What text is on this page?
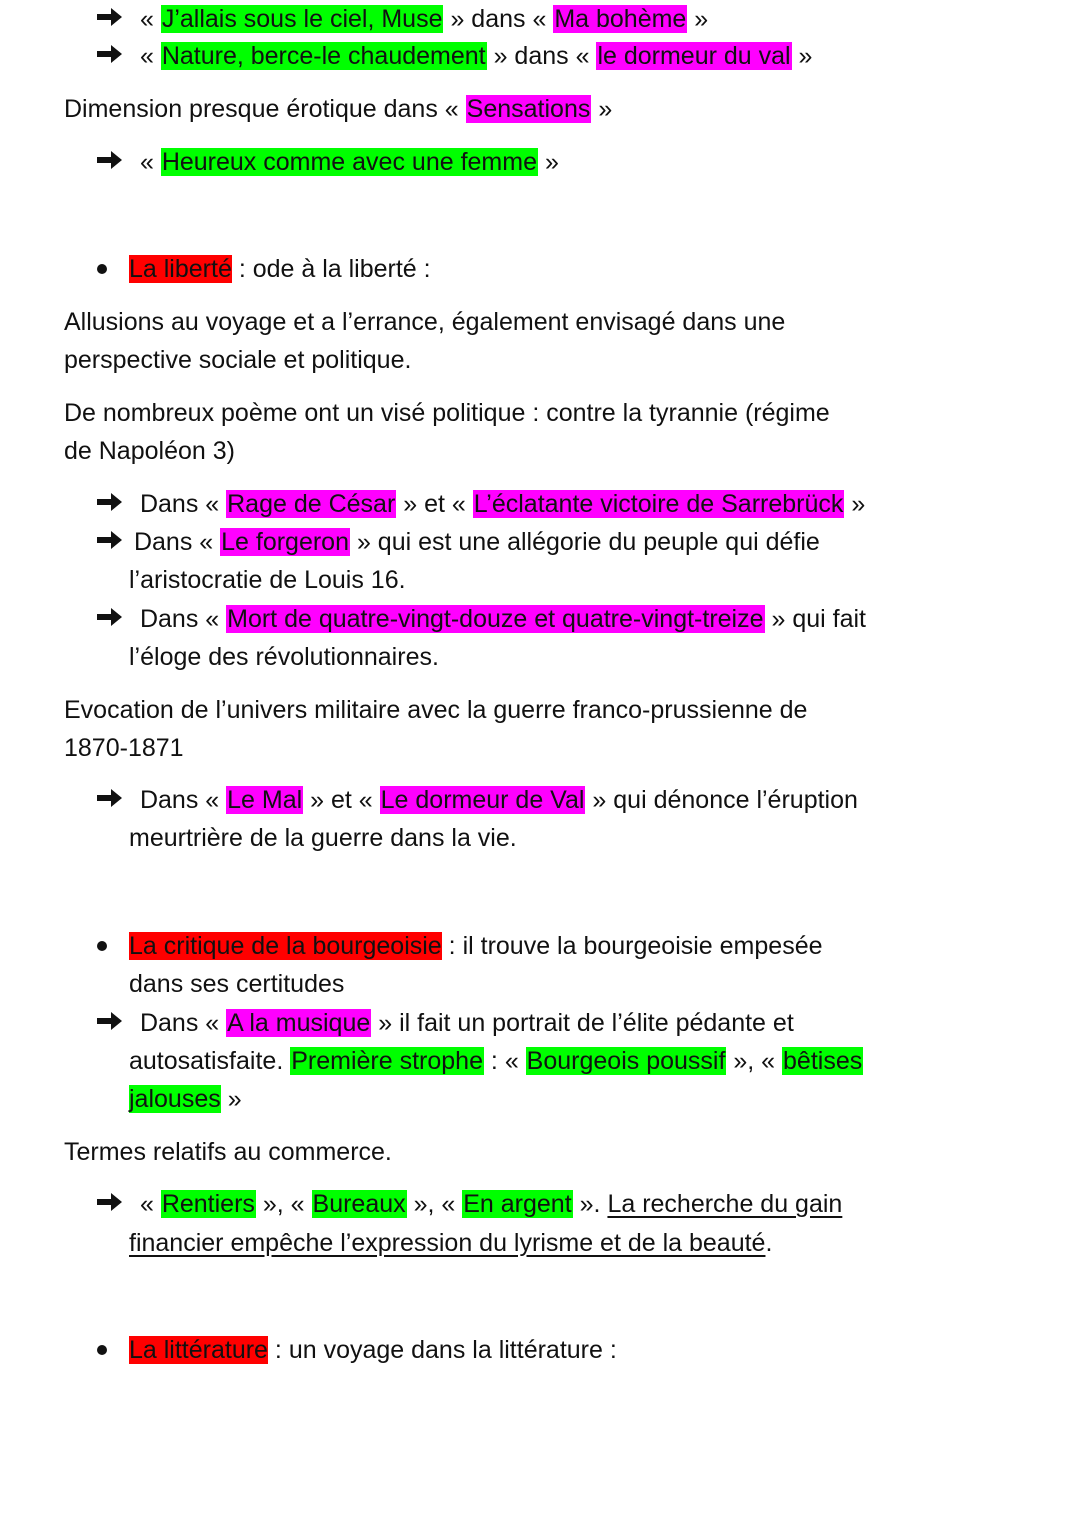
« J’allais sous le ciel, Muse » dans « Ma bohème »
« Nature, berce-le chaudement » dans « le dormeur du val »
Dimension presque érotique dans « Sensations »
« Heureux comme avec une femme »
La liberté : ode à la liberté :
Allusions au voyage et a l’errance, également envisagé dans une
perspective sociale et politique.
De nombreux poème ont un visé politique : contre la tyrannie (régime
de Napoléon 3)
Dans « Rage de César » et « L’éclatante victoire de Sarrebrück »
Dans « Le forgeron » qui est une allégorie du peuple qui défie
l’aristocratie de Louis 16.
Dans « Mort de quatre-vingt-douze et quatre-vingt-treize » qui fait
l’éloge des révolutionnaires.
Evocation de l’univers militaire avec la guerre franco-prussienne de
1870-1871
Dans « Le Mal » et « Le dormeur de Val » qui dénonce l’éruption
meurtrière de la guerre dans la vie.
La critique de la bourgeoisie : il trouve la bourgeoisie empesée
dans ses certitudes
Dans « A la musique » il fait un portrait de l’élite pédante et
autosatisfaite. Première strophe : « Bourgeois poussif », « bêtises
jalouses »
Termes relatifs au commerce.
« Rentiers », « Bureaux », « En argent ». La recherche du gain
financier empêche l’expression du lyrisme et de la beauté.
La littérature : un voyage dans la littérature :
